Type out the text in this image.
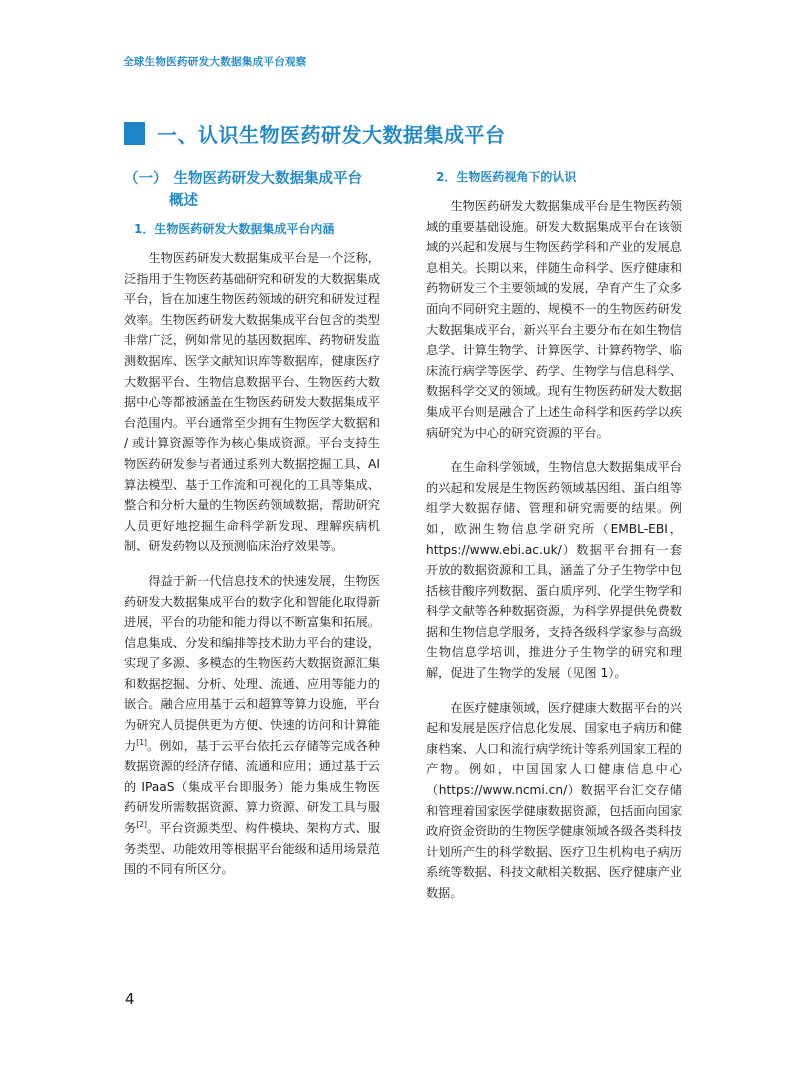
全球生物医药研发大数据集成平台观察
一、认识生物医药研发大数据集成平台
（一） 生物医药研发大数据集成平台
概述
1．生物医药研发大数据集成平台内涵

生物医药研发大数据集成平台是一个泛称，泛指用于生物医药基础研究和研发的大数据集成平台，旨在加速生物医药领域的研究和研发过程效率。生物医药研发大数据集成平台包含的类型非常广泛，例如常见的基因数据库、药物研发监测数据库、医学文献知识库等数据库，健康医疗大数据平台、生物信息数据平台、生物医药大数据中心等都被涵盖在生物医药研发大数据集成平台范围内。平台通常至少拥有生物医学大数据和 / 或计算资源等作为核心集成资源。平台支持生物医药研发参与者通过系列大数据挖掘工具、AI 算法模型、基于工作流和可视化的工具等集成、整合和分析大量的生物医药领域数据，帮助研究人员更好地挖掘生命科学新发现、理解疾病机制、研发药物以及预测临床治疗效果等。

得益于新一代信息技术的快速发展，生物医药研发大数据集成平台的数字化和智能化取得新进展，平台的功能和能力得以不断富集和拓展。信息集成、分发和编排等技术助力平台的建设，实现了多源、多模态的生物医药大数据资源汇集和数据挖掘、分析、处理、流通、应用等能力的嵌合。融合应用基于云和超算等算力设施，平台为研究人员提供更为方便、快速的访问和计算能力[1]。例如，基于云平台依托云存储等完成各种数据资源的经济存储、流通和应用；通过基于云的 IPaaS（集成平台即服务）能力集成生物医药研发所需数据资源、算力资源、研发工具与服务[2]。平台资源类型、构件模块、架构方式、服务类型、功能效用等根据平台能级和适用场景范围的不同有所区分。

2．生物医药视角下的认识

生物医药研发大数据集成平台是生物医药领域的重要基础设施。研发大数据集成平台在该领域的兴起和发展与生物医药学科和产业的发展息息相关。长期以来，伴随生命科学、医疗健康和药物研发三个主要领域的发展，孕育产生了众多面向不同研究主题的、规模不一的生物医药研发大数据集成平台，新兴平台主要分布在如生物信息学、计算生物学、计算医学、计算药物学、临床流行病学等医学、药学、生物学与信息科学、数据科学交叉的领域。现有生物医药研发大数据集成平台则是融合了上述生命科学和医药学以疾病研究为中心的研究资源的平台。

在生命科学领域，生物信息大数据集成平台的兴起和发展是生物医药领域基因组、蛋白组等组学大数据存储、管理和研究需要的结果。例如，欧洲生物信息学研究所（EMBL-EBI，https://www.ebi.ac.uk/）数据平台拥有一套开放的数据资源和工具，涵盖了分子生物学中包括核苷酸序列数据、蛋白质序列、化学生物学和科学文献等各种数据资源，为科学界提供免费数据和生物信息学服务，支持各级科学家参与高级生物信息学培训，推进分子生物学的研究和理解，促进了生物学的发展（见图 1）。

在医疗健康领域，医疗健康大数据平台的兴起和发展是医疗信息化发展、国家电子病历和健康档案、人口和流行病学统计等系列国家工程的产物。例如，中国国家人口健康信息中心（https://www.ncmi.cn/）数据平台汇交存储和管理着国家医学健康数据资源，包括面向国家政府资金资助的生物医学健康领域各级各类科技计划所产生的科学数据、医疗卫生机构电子病历系统等数据、科技文献相关数据、医疗健康产业数据。

4
